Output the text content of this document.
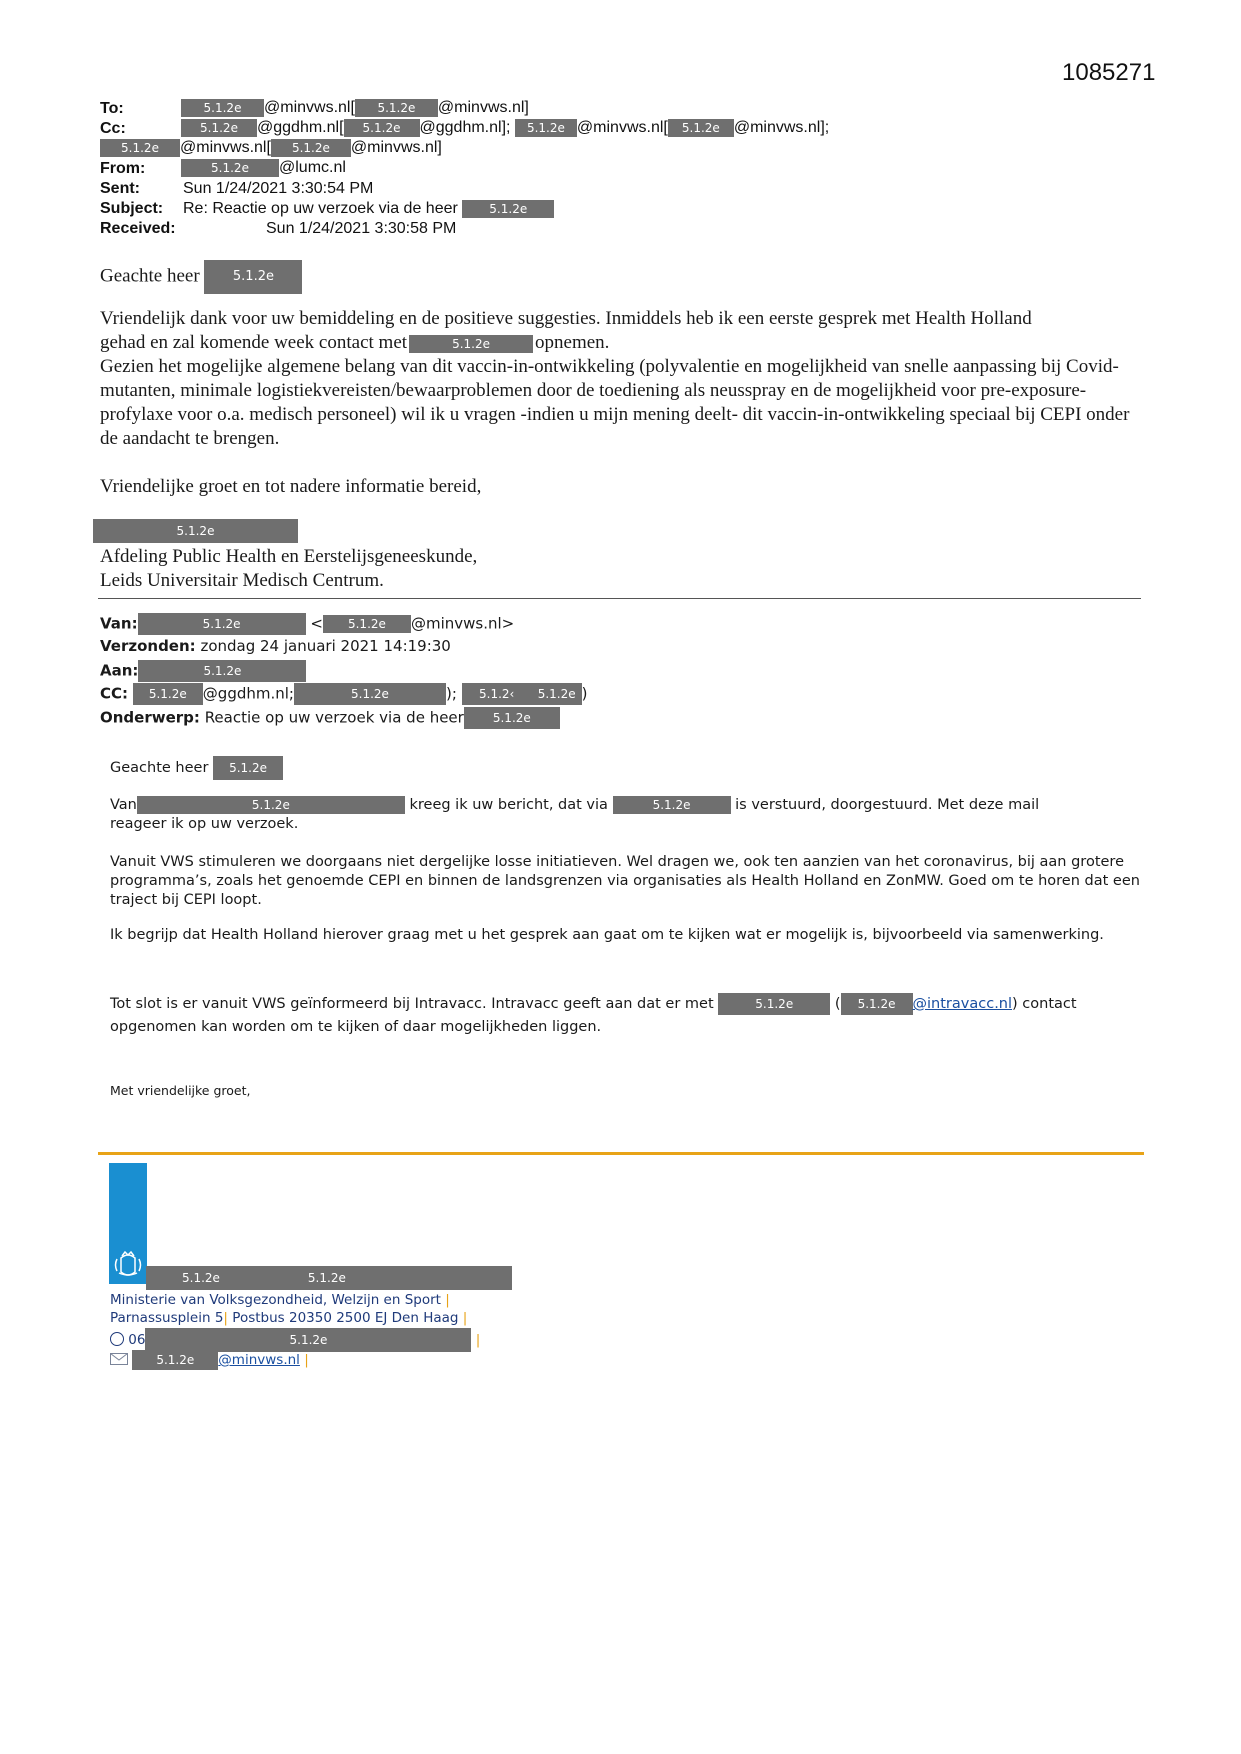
1085271
To:	5.1.2e @minvws.nl[ 5.1.2e @minvws.nl]
Cc:	5.1.2e @ggdhm.nl[ 5.1.2e @ggdhm.nl]; 5.1.2e @minvws.nl[ 5.1.2e @minvws.nl];
5.1.2e @minvws.nl[ 5.1.2e @minvws.nl]
From:	5.1.2e @lumc.nl
Sent:	Sun 1/24/2021 3:30:54 PM
Subject: Re: Reactie op uw verzoek via de heer	5.1.2e
Received:	Sun 1/24/2021 3:30:58 PM
Geachte heer	5.1.2e

Vriendelijk dank voor uw bemiddeling en de positieve suggesties. Inmiddels heb ik een eerste gesprek met Health Holland

gehad en zal komende week contact met	5.1.2e opnemen.

Gezien het mogelijke algemene belang van dit vaccin-in-ontwikkeling (polyvalentie en mogelijkheid van snelle aanpassing bij Covid-mutanten, minimale logistiekvereisten/bewaarproblemen door de toediening als neusspray en de mogelijkheid voor pre-exposure-profylaxe voor o.a. medisch personeel) wil ik u vragen -indien u mijn mening deelt- dit vaccin-in-ontwikkeling speciaal bij CEPI onder de aandacht te brengen.
Vriendelijke groet en tot nadere informatie bereid,
5.1.2e

Afdeling Public Health en Eerstelijsgeneeskunde,

Leids Universitair Medisch Centrum.

Van:	5.1.2e	< 5.1.2e @minvws.nl>
Verzonden: zondag 24 januari 2021 14:19:30
Aan:	5.1.2e
CC: 5.1.2e @ggdhm.nl;	5.1.2e	); 5.1.2‹ 5.1.2e )
Onderwerp: Reactie op uw verzoek via de heer 5.1.2e
Geachte heer 5.1.2e

Van	5.1.2e	kreeg ik uw bericht, dat via	5.1.2e	is verstuurd, doorgestuurd. Met deze mail

reageer ik op uw verzoek.

Vanuit VWS stimuleren we doorgaans niet dergelijke losse initiatieven. Wel dragen we, ook ten aanzien van het coronavirus, bij aan grotere programma’s, zoals het genoemde CEPI en binnen de landsgrenzen via organisaties als Health Holland en ZonMW. Goed om te horen dat een traject bij CEPI loopt.
Ik begrijp dat Health Holland hierover graag met u het gesprek aan gaat om te kijken wat er mogelijk is, bijvoorbeeld via samenwerking.

Tot slot is er vanuit VWS geïnformeerd bij Intravacc. Intravacc geeft aan dat er met	5.1.2e	( 5.1.2e @intravacc.nl) contact

opgenomen kan worden om te kijken of daar mogelijkheden liggen.

Met vriendelijke groet,
5.1.2e	5.1.2e
Ministerie van Volksgezondheid, Welzijn en Sport |
Parnassusplein 5| Postbus 20350 2500 EJ Den Haag |
06	5.1.2e	|
5.1.2e @minvws.nl |
